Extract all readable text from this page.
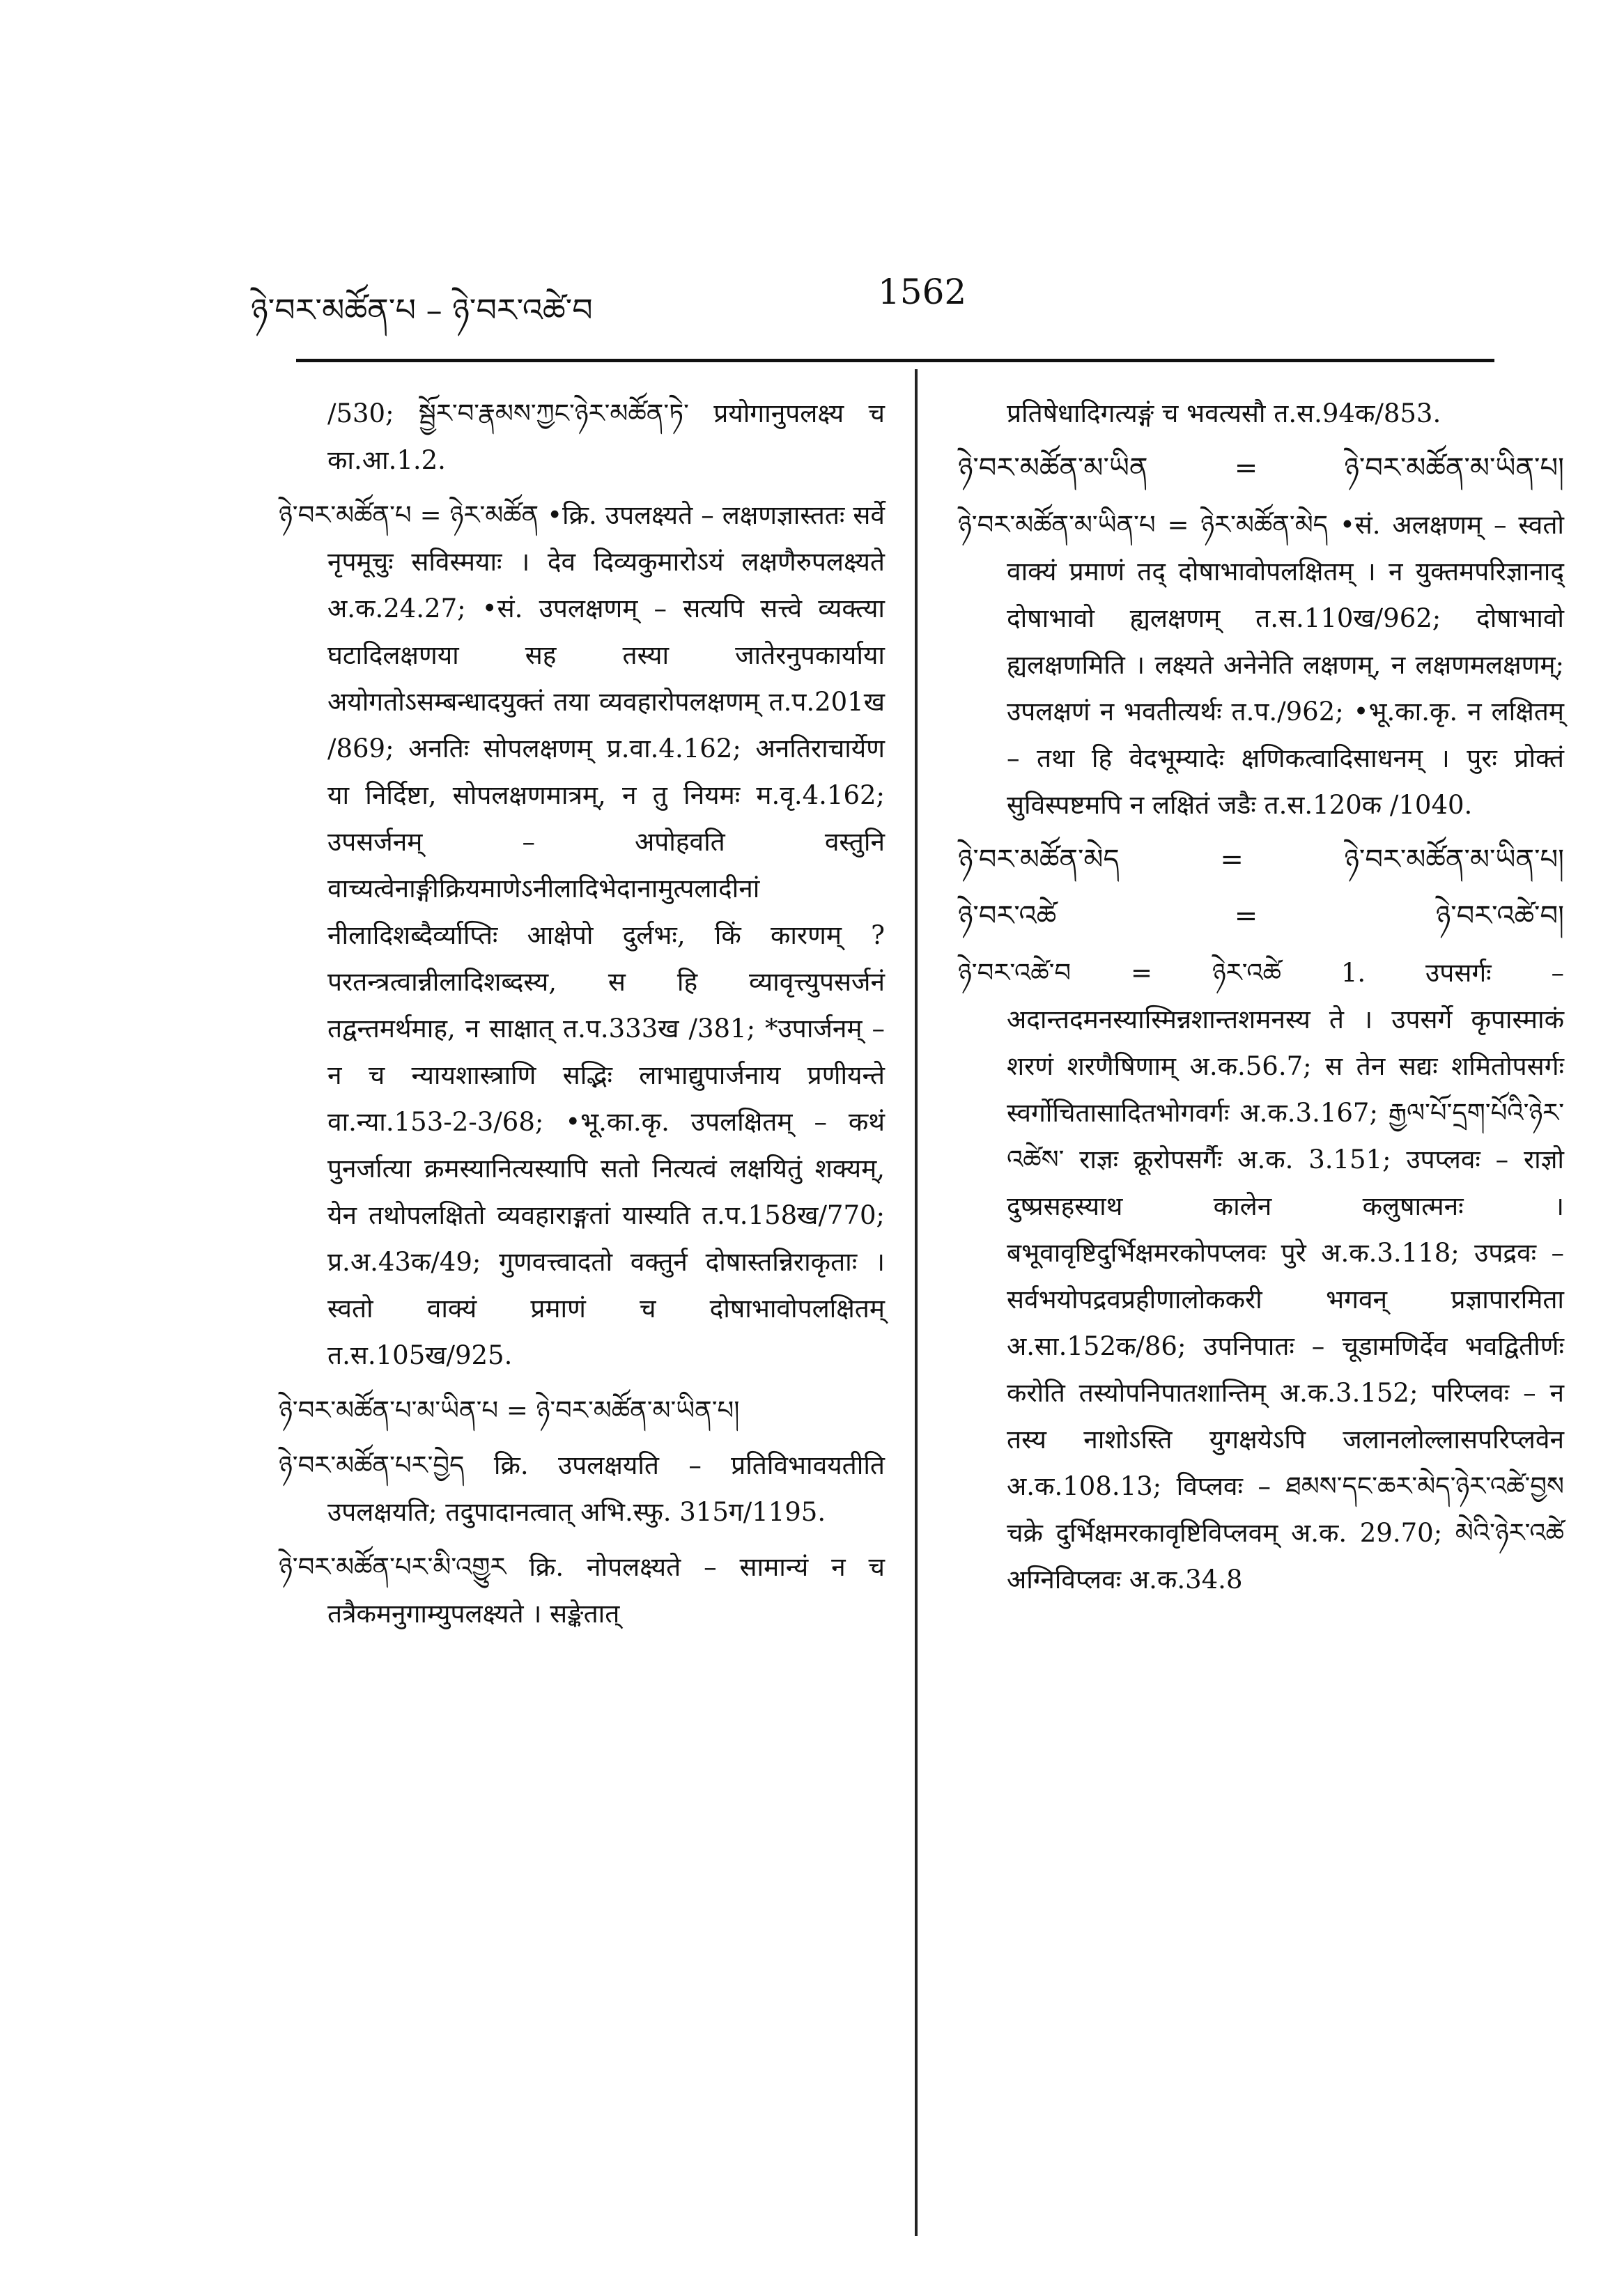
ཉེ་བར་མཚོན་པ – ཉེ་བར་འཚེ་བ	1562

/530; སྦྱོར་བ་རྣམས་ཀྱང་ཉེར་མཚོན་ཏེ་ प्रयोगानुपलक्ष्य च का.आ.1.2.

ཉེ་བར་མཚོན་པ = ཉེར་མཚོན •क्रि. उपलक्ष्यते – लक्षणज्ञास्ततः सर्वे नृपमूचुः सविस्मयाः । देव दिव्यकुमारोऽयं लक्षणैरुपलक्ष्यते अ.क.24.27; •सं. उपलक्षणम् – सत्यपि सत्त्वे व्यक्त्या घटादिलक्षणया सह तस्या जातेरनुपकार्याया अयोगतोऽसम्बन्धादयुक्तं तया व्यवहारोपलक्षणम् त.प.201ख /869; अनतिः सोपलक्षणम् प्र.वा.4.162; अनतिराचार्येण या निर्दिष्टा, सोपलक्षणमात्रम्, न तु नियमः म.वृ.4.162; उपसर्जनम् – अपोहवति वस्तुनि वाच्यत्वेनाङ्गीक्रियमाणेऽनीलादिभेदानामुत्पलादीनां नीलादिशब्दैर्व्याप्तिः आक्षेपो दुर्लभः, किं कारणम् ? परतन्त्रत्वान्नीलादिशब्दस्य, स हि व्यावृत्त्युपसर्जनं तद्वन्तमर्थमाह, न साक्षात् त.प.333ख /381; *उपार्जनम् – न च न्यायशास्त्राणि सद्भिः लाभाद्युपार्जनाय प्रणीयन्ते वा.न्या.153-2-3/68; •भू.का.कृ. उपलक्षितम् – कथं पुनर्जात्या क्रमस्यानित्यस्यापि सतो नित्यत्वं लक्षयितुं शक्यम्, येन तथोपलक्षितो व्यवहाराङ्गतां यास्यति त.प.158ख/770; प्र.अ.43क/49; गुणवत्त्वादतो वक्तुर्न दोषास्तन्निराकृताः । स्वतो वाक्यं प्रमाणं च दोषाभावोपलक्षितम् त.स.105ख/925.

ཉེ་བར་མཚོན་པ་མ་ཡིན་པ = ཉེ་བར་མཚོན་མ་ཡིན་པ།

ཉེ་བར་མཚོན་པར་བྱེད क्रि. उपलक्षयति – प्रतिविभावयतीति उपलक्षयति; तदुपादानत्वात् अभि.स्फु. 315ग/1195.

ཉེ་བར་མཚོན་པར་མི་འགྱུར क्रि. नोपलक्ष्यते – सामान्यं न च तत्रैकमनुगाम्युपलक्ष्यते । सङ्केतात्

प्रतिषेधादिगत्यङ्गं च भवत्यसौ त.स.94क/853.

ཉེ་བར་མཚོན་མ་ཡིན	=	ཉེ་བར་མཚོན་མ་ཡིན་པ།

ཉེ་བར་མཚོན་མ་ཡིན་པ = ཉེར་མཚོན་མེད •सं. अलक्षणम् – स्वतो वाक्यं प्रमाणं तद् दोषाभावोपलक्षितम् । न युक्तमपरिज्ञानाद् दोषाभावो ह्यलक्षणम् त.स.110ख/962; दोषाभावो ह्यलक्षणमिति । लक्ष्यते अनेनेति लक्षणम्, न लक्षणमलक्षणम्; उपलक्षणं न भवतीत्यर्थः त.प./962; •भू.का.कृ. न लक्षितम् – तथा हि वेदभूम्यादेः क्षणिकत्वादिसाधनम् । पुरः प्रोक्तं सुविस्पष्टमपि न लक्षितं जडैः त.स.120क /1040.

ཉེ་བར་མཚོན་མེད	=	ཉེ་བར་མཚོན་མ་ཡིན་པ།
ཉེ་བར་འཚེ	=	ཉེ་བར་འཚེ་བ།

ཉེ་བར་འཚེ་བ = ཉེར་འཚེ 1. उपसर्गः – अदान्तदमनस्यास्मिन्नशान्तशमनस्य ते । उपसर्गे कृपास्माकं शरणं शरणैषिणाम् अ.क.56.7; स तेन सद्यः शमितोपसर्गः स्वर्गोचितासादितभोगवर्गः अ.क.3.167; རྒྱལ་པོ་དྲག་པོའི་ཉེར་འཚེས་ राज्ञः क्रूरोपसर्गैः अ.क. 3.151; उपप्लवः – राज्ञो दुष्प्रसहस्याथ कालेन कलुषात्मनः । बभूवावृष्टिदुर्भिक्षमरकोपप्लवः पुरे अ.क.3.118; उपद्रवः – सर्वभयोपद्रवप्रहीणालोककरी भगवन् प्रज्ञापारमिता अ.सा.152क/86; उपनिपातः – चूडामणिर्देव भवद्वितीर्णः करोति तस्योपनिपातशान्तिम् अ.क.3.152; परिप्लवः – न तस्य नाशोऽस्ति युगक्षयेऽपि जलानलोल्लासपरिप्लवेन अ.क.108.13; विप्लवः – ཐམས་དང་ཆར་མེད་ཉེར་འཚེ་བྱས चक्रे दुर्भिक्षमरकावृष्टिविप्लवम् अ.क. 29.70; མེའི་ཉེར་འཚེ अग्निविप्लवः अ.क.34.8
